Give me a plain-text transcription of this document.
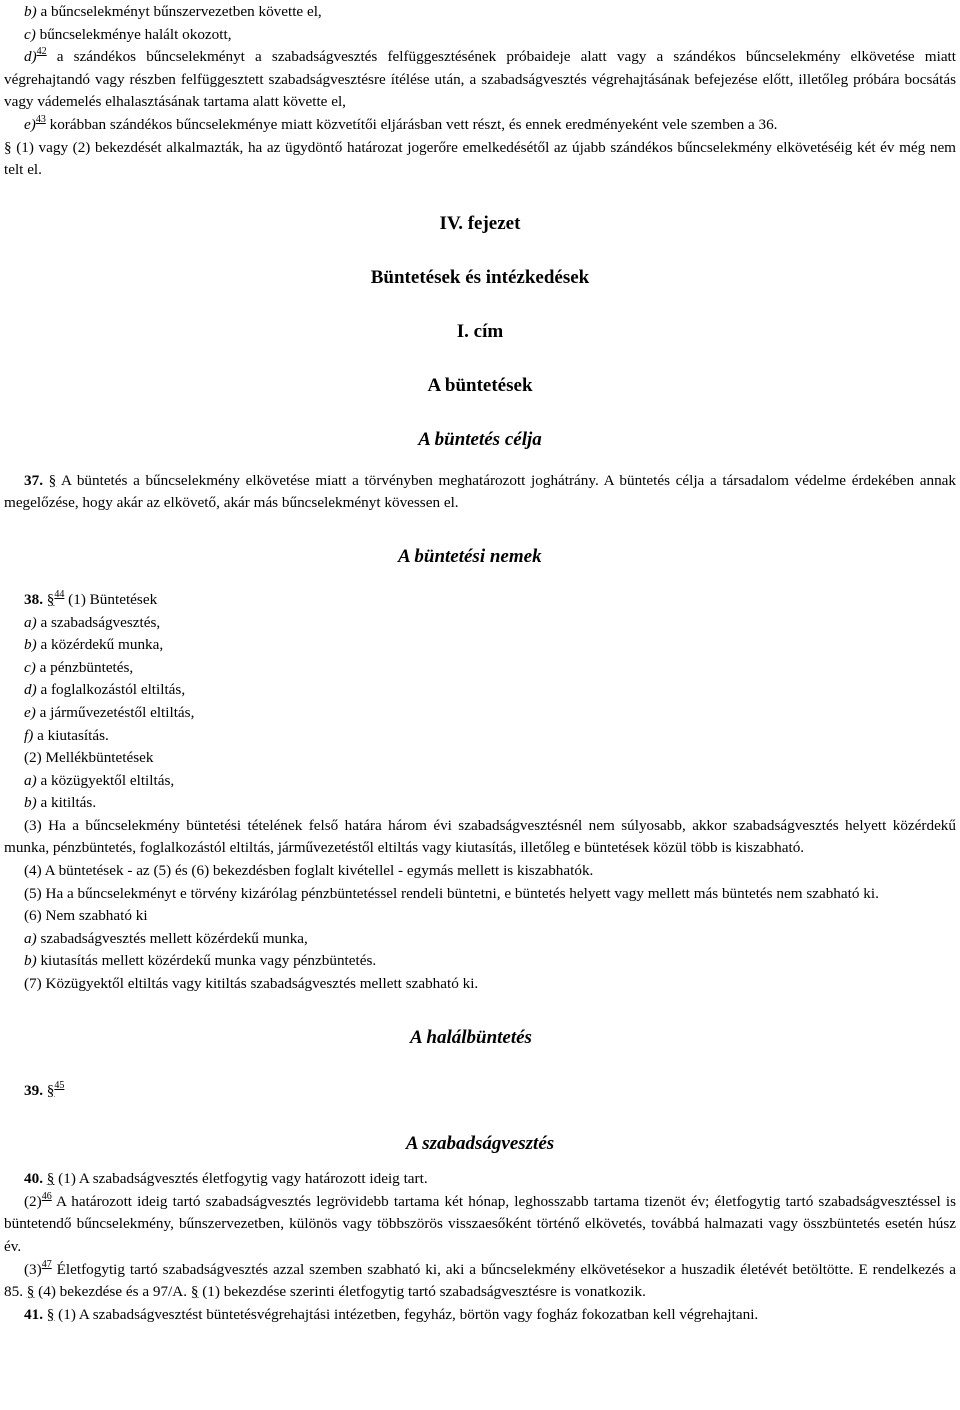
b) a bűncselekményt bűnszervezetben követte el,

c) bűncselekménye halált okozott,

d)$^{42}$ a szándékos bűncselekményt a szabadságvesztés felfüggesztésének próbaideje alatt vagy a szándékos bűncselekmény elkövetése miatt végrehajtandó vagy részben felfüggesztett szabadságvesztésre ítélése után, a szabadságvesztés végrehajtásának befejezése előtt, illetőleg próbára bocsátás vagy vádemelés elhalasztásának tartama alatt követte el,

e)$^{43}$ korábban szándékos bűncselekménye miatt közvetítői eljárásban vett részt, és ennek eredményeként vele szemben a 36.

§ (1) vagy (2) bekezdését alkalmazták, ha az ügydöntő határozat jogerőre emelkedésétől az újabb szándékos bűncselekmény elkövetéséig két év még nem telt el.

IV. fejezet

Büntetések és intézkedések

I. cím

A büntetések

A büntetés célja

37. § A büntetés a bűncselekmény elkövetése miatt a törvényben meghatározott joghátrány. A büntetés célja a társadalom védelme érdekében annak megelőzése, hogy akár az elkövető, akár más bűncselekményt kövessen el.

A büntetési nemek

38. §$^{44}$ (1) Büntetések

a) a szabadságvesztés,

b) a közérdekű munka,

c) a pénzbüntetés,

d) a foglalkozástól eltiltás,

e) a járművezetéstől eltiltás,

f) a kiutasítás.

(2) Mellékbüntetések

a) a közügyektől eltiltás,

b) a kitiltás.

(3) Ha a bűncselekmény büntetési tételének felső határa három évi szabadságvesztésnél nem súlyosabb, akkor szabadságvesztés helyett közérdekű munka, pénzbüntetés, foglalkozástól eltiltás, járművezetéstől eltiltás vagy kiutasítás, illetőleg e büntetések közül több is kiszabható.

(4) A büntetések - az (5) és (6) bekezdésben foglalt kivétellel - egymás mellett is kiszabhatók.

(5) Ha a bűncselekményt e törvény kizárólag pénzbüntetéssel rendeli büntetni, e büntetés helyett vagy mellett más büntetés nem szabható ki.

(6) Nem szabható ki

a) szabadságvesztés mellett közérdekű munka,

b) kiutasítás mellett közérdekű munka vagy pénzbüntetés.

(7) Közügyektől eltiltás vagy kitiltás szabadságvesztés mellett szabható ki.

A halálbüntetés

39. §$^{45}$

A szabadságvesztés

40. § (1) A szabadságvesztés életfogytig vagy határozott ideig tart.

$(2)^{46}$ A határozott ideig tartó szabadságvesztés legrövidebb tartama két hónap, leghosszabb tartama tizenöt év; életfogytig tartó szabadságvesztéssel is büntetendő bűncselekmény, bűnszervezetben, különös vagy többszörös visszaesőként történő elkövetés, továbbá halmazati vagy összbüntetés esetén húsz év.

$(3)^{47}$ Életfogytig tartó szabadságvesztés azzal szemben szabható ki, aki a bűncselekmény elkövetésekor a huszadik életévét betöltötte. E rendelkezés a 85. § (4) bekezdése és a 97/A. § (1) bekezdése szerinti életfogytig tartó szabadságvesztésre is vonatkozik.

41. § (1) A szabadságvesztést büntetésvégrehajtási intézetben, fegyház, börtön vagy fogház fokozatban kell végrehajtani.
